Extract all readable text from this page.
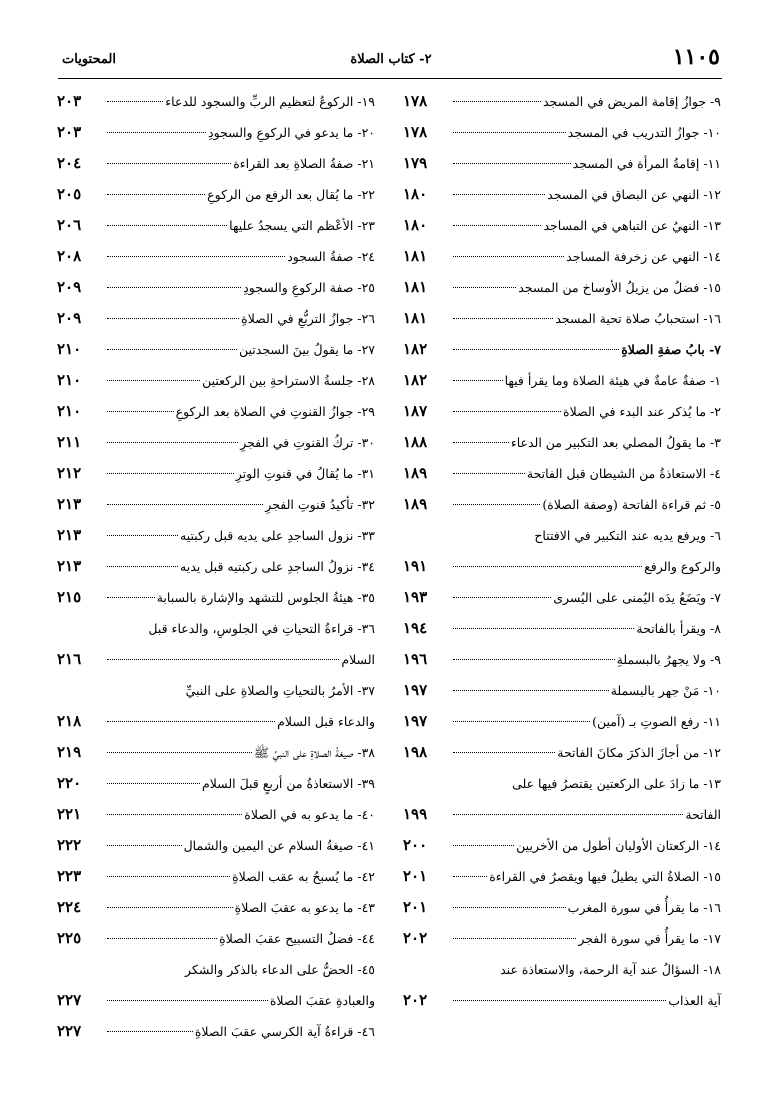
المحتويات	٢- كتاب الصلاة	١١٠٥
٩- جوازُ إقامة المريض في المسجد
١٧٨
١٠- جوازُ التدريب في المسجد
١٧٨
١١- إقامةُ المرأة في المسجد
١٧٩
١٢- النهي عن البصاق في المسجد
١٨٠
١٣- النهيُ عن التباهي في المساجد
١٨٠
١٤- النهي عن زخرفة المساجد
١٨١
١٥- فضلُ من يزيلُ الأوساخ من المسجد
١٨١
١٦- استحبابُ صلاة تحية المسجد
١٨١
٧- بابُ صفةِ الصلاةِ
١٨٢
١- صفةٌ عامةٌ في هيئة الصلاة وما يقرأ فيها
١٨٢
٢- ما يُذكر عند البدء في الصلاة
١٨٧
٣- ما يقولُ المصلي بعد التكبير من الدعاء
١٨٨
٤- الاستعاذةُ من الشيطان قبل الفاتحة
١٨٩
٥- ثم قراءة الفاتحة (وصفة الصلاة)
١٨٩
٦- ويرفع يديه عند التكبير في الافتتاح
والركوع والرفع
١٩١
٧- ويَضَعُ يدَه اليُمنى على اليُسرى
١٩٣
٨- ويقرأ بالفاتحة
١٩٤
٩- ولا يجهرُ بالبسملةِ
١٩٦
١٠- مَنْ جهر بالبسملة
١٩٧
١١- رفع الصوتِ بـ (آمين)
١٩٧
١٢- من أجازَ الذكرَ مكانَ الفاتحة
١٩٨
١٣- ما زادَ على الركعتين يقتصرُ فيها على
الفاتحة
١٩٩
١٤- الركعتان الأوليان أطول من الأخريين
٢٠٠
١٥- الصلاةُ التي يطيلُ فيها ويقصرُ في القراءة
٢٠١
١٦- ما يقرأُ في سورة المغرب
٢٠١
١٧- ما يقرأُ في سورة الفجر
٢٠٢
١٨- السؤالُ عند آية الرحمة، والاستعاذة عند
آية العذاب
٢٠٢
١٩- الركوعُ لتعظيم الربِّ والسجود للدعاء
٢٠٣
٢٠- ما يدعو في الركوعِ والسجودِ
٢٠٣
٢١- صفةُ الصلاةِ بعد القراءة
٢٠٤
٢٢- ما يُقال بعد الرفع من الركوعِ
٢٠٥
٢٣- الأعْظم التي يسجدُ عليها
٢٠٦
٢٤- صفةُ السجود
٢٠٨
٢٥- صفة الركوعِ والسجودِ
٢٠٩
٢٦- جوازُ التربُّعِ في الصلاةِ
٢٠٩
٢٧- ما يقولُ بينَ السجدتين
٢١٠
٢٨- جلسةُ الاستراحةِ بين الركعتين
٢١٠
٢٩- جوازُ القنوتِ في الصلاة بعد الركوعِ
٢١٠
٣٠- تركُ القنوتِ في الفجرِ
٢١١
٣١- ما يُقالُ في قنوتِ الوترِ
٢١٢
٣٢- تأكيدُ قنوتِ الفجرِ
٢١٣
٣٣- نزول الساجدِ على يديه قبل ركبتيه
٢١٣
٣٤- نزولُ الساجدِ على ركبتيه قبل يديه
٢١٣
٣٥- هيئةُ الجلوس للتشهد والإشارة بالسبابة
٢١٥
٣٦- قراءةُ التحياتِ في الجلوسِ، والدعاء قبل
السلام
٢١٦
٣٧- الأمرُ بالتحياتِ والصلاةِ على النبيِّ
والدعاء قبل السلام
٢١٨
٣٨- صيغةُ الصلاةِ على النبيِّ ﷺ
٢١٩
٣٩- الاستعاذةُ من أربعٍ قبلَ السلام
٢٢٠
٤٠- ما يدعو به في الصلاة
٢٢١
٤١- صيغةُ السلام عن اليمين والشمال
٢٢٢
٤٢- ما يُسبحُ به عقب الصلاةِ
٢٢٣
٤٣- ما يدعو به عقبَ الصلاةِ
٢٢٤
٤٤- فضلُ التسبيح عقبَ الصلاةِ
٢٢٥
٤٥- الحضُّ على الدعاء بالذكر والشكر
والعبادةِ عقبَ الصلاة
٢٢٧
٤٦- قراءةُ آية الكرسي عقبَ الصلاةِ
٢٢٧
